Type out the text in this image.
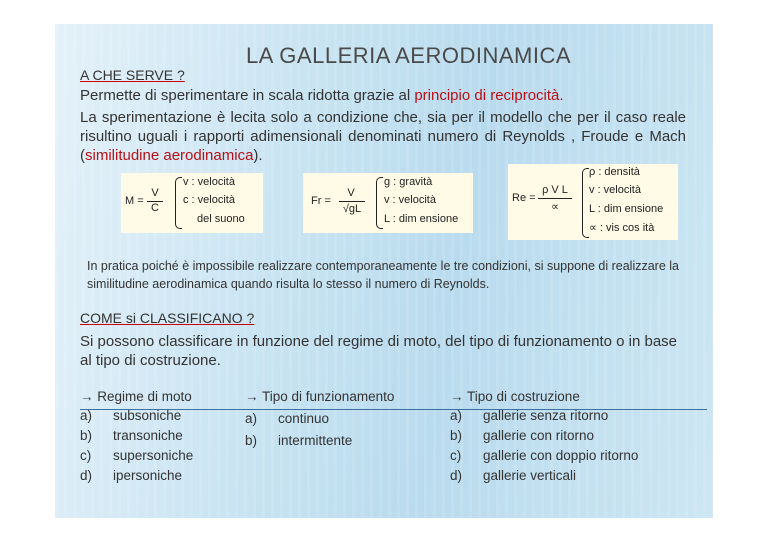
LA GALLERIA AERODINAMICA
A CHE SERVE ?

Permette di sperimentare in scala ridotta grazie al principio di reciprocità.

La sperimentazione è lecita solo a condizione che, sia per il modello che per il caso reale risultino uguali i rapporti adimensionali denominati numero di Reynolds , Froude e Mach (similitudine aerodinamica).

M =
V
C
v : velocità
c : velocità
del suono
Fr =
V
√gL
g : gravità
v : velocità
L : dim ensione
Re =
ρ V L
∝
ρ : densità
v : velocità
L : dim ensione
∝ : vis cos ità

In pratica poiché è impossibile realizzare contemporaneamente le tre condizioni, si suppone di realizzare la similitudine aerodinamica quando risulta lo stesso il numero di Reynolds.

COME si CLASSIFICANO ?

Si possono classificare in funzione del regime di moto, del tipo di funzionamento o in base al tipo di costruzione.

→ Regime di moto
a) subsoniche
b) transoniche
c) supersoniche
d) ipersoniche
→ Tipo di funzionamento
a) continuo
b) intermittente
→ Tipo di costruzione
a) gallerie senza ritorno
b) gallerie con ritorno
c) gallerie con doppio ritorno
d) gallerie verticali
